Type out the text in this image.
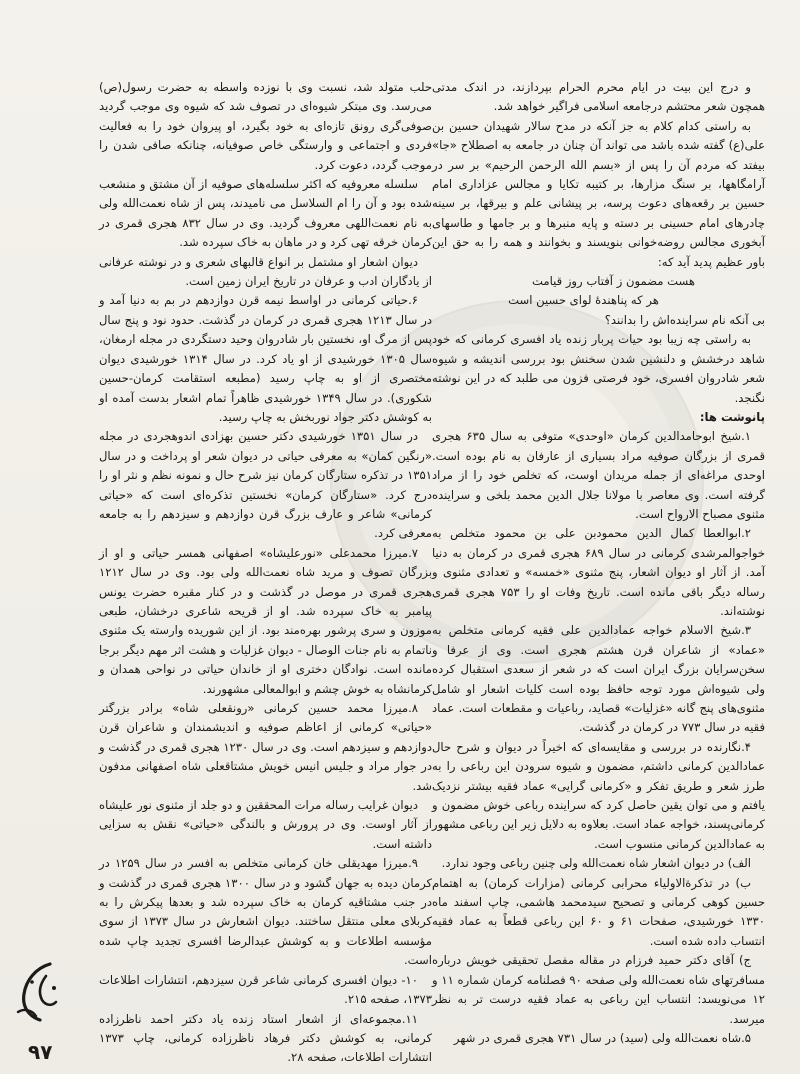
و درج این بیت در ایام محرم الحرام بپردازند، در اندک مدتی همچون شعر محتشم درجامعه اسلامی فراگیر خواهد شد.

به راستی کدام کلام به جز آنکه در مدح سالار شهیدان حسین بن علی(ع) گفته شده باشد می تواند آن چنان در جامعه به اصطلاح «جا» بیفتد که مردم آن را پس از «بسم الله الرحمن الرحیم» بر سر در آرامگاهها، بر سنگ مزارها، بر کتیبه تکایا و مجالس عزاداری امام حسین بر رقعه‌های دعوت پرسه، بر پیشانی علم و بیرقها، بر سینه چادرهای امام حسینی بر دسته و پایه منبرها و بر جامها و طاسهای آبخوری مجالس روضه‌خوانی بنویسند و بخوانند و همه را به حق این باور عظیم پدید آید که:

هست مضمون ز آفتاب روز قیامت
هر که پناهندهٔ لوای حسین است

بی آنکه نام سراینده‌اش را بدانند؟

به راستی چه زیبا بود حیات پربار زنده یاد افسری کرمانی که خود شاهد درخشش و دلنشین شدن سخنش بود بررسی اندیشه و شیوه شعر شادروان افسری، خود فرصتی فزون می طلبد که در این نوشته نگنجد.

پانوشت ها:

۱.شیخ ابوحامدالدین کرمان «اوحدی» متوفی به سال ۶۳۵ هجری قمری از بزرگان صوفیه مراد بسیاری از عارفان به نام بوده است. اوحدی مراغه‌ای از جمله مریدان اوست، که تخلص خود را از مراد گرفته است. وی معاصر با مولانا جلال الدین محمد بلخی و سراینده مثنوی مصباح الارواح است.

۲.ابوالعطا کمال الدین محمودبن علی بن محمود متخلص به خواجوالمرشدی کرمانی در سال ۶۸۹ هجری قمری در کرمان به دنیا آمد. از آثار او دیوان اشعار، پنج مثنوی «خمسه» و تعدادی مثنوی و رساله دیگر باقی مانده است. تاریخ وفات او را ۷۵۳ هجری قمری نوشته‌اند.

۳.شیخ الاسلام خواجه عمادالدین علی فقیه کرمانی متخلص به «عماد» از شاعران قرن هشتم هجری است. وی از عرفا و سخن‌سرایان بزرگ ایران است که در شعر از سعدی استقبال کرده ولی شیوه‌اش مورد توجه حافظ بوده است کلیات اشعار او شامل مثنوی‌های پنج گانه «غزلیات» قصاید، رباعیات و مقطعات است. عماد فقیه در سال ۷۷۳ در کرمان در گذشت.

۴.نگارنده در بررسی و مقایسه‌ای که اخیراً در دیوان و شرح حال عمادالدین کرمانی داشتم، مضمون و شیوه سرودن این رباعی را به طرز شعر و طریق تفکر و «کرمانی گرایی» عماد فقیه بیشتر نزدیک یافتم و می توان یقین حاصل کرد که سراینده رباعی خوش مضمون و کرمانی‌پسند، خواجه عماد است. بعلاوه به دلایل زیر این رباعی مشهور به عمادالدین کرمانی منسوب است.

الف) در دیوان اشعار شاه نعمت‌الله ولی چنین رباعی وجود ندارد.

ب) در تذکرةالاولیاء محرابی کرمانی (مزارات کرمان) به اهتمام حسین کوهی کرمانی و تصحیح سیدمحمد هاشمی، چاپ اسفند ماه ۱۳۳۰ خورشیدی، صفحات ۶۱ و ۶۰ این رباعی قطعاً به عماد فقیه انتساب داده شده است.

ج) آقای دکتر حمید فرزام در مقاله مفصل تحقیقی خویش درباره مسافرتهای شاه نعمت‌الله ولی صفحه ۹۰ فصلنامه کرمان شماره ۱۱ و ۱۲ می‌نویسد: انتساب این رباعی به عماد فقیه درست تر به نظر میرسد.

۵.شاه نعمت‌الله ولی (سید) در سال ۷۳۱ هجری قمری در شهر

حلب متولد شد، نسبت وی با نوزده واسطه به حضرت رسول(ص) می‌رسد. وی مبتکر شیوه‌ای در تصوف شد که شیوه وی موجب گردید صوفی‌گری رونق تازه‌ای به خود بگیرد، او پیروان خود را به فعالیت فردی و اجتماعی و وارستگی خاص صوفیانه، چنانکه صافی شدن را موجب گردد، دعوت کرد.

سلسله معروفیه که اکثر سلسله‌های صوفیه از آن مشتق و منشعب شده بود و آن را ام السلاسل می نامیدند، پس از شاه نعمت‌الله ولی به نام نعمت‌اللهی معروف گردید. وی در سال ۸۳۲ هجری قمری در کرمان خرقه تهی کرد و در ماهان به خاک سپرده شد.

دیوان اشعار او مشتمل بر انواع قالبهای شعری و در نوشته عرفانی از یادگاران ادب و عرفان در تاریخ ایران زمین است.

۶.حیاتی کرمانی در اواسط نیمه قرن دوازدهم در بم به دنیا آمد و در سال ۱۲۱۳ هجری قمری در کرمان در گذشت. حدود نود و پنج سال پس از مرگ او، نخستین بار شادروان وحید دستگردی در مجله ارمغان، سال ۱۳۰۵ خورشیدی از او یاد کرد. در سال ۱۳۱۴ خورشیدی دیوان مختصری از او به چاپ رسید (مطبعه استقامت کرمان-حسین شکوری). در سال ۱۳۴۹ خورشیدی ظاهراً تمام اشعار بدست آمده او به کوشش دکتر جواد نوربخش به چاپ رسید.

در سال ۱۳۵۱ خورشیدی دکتر حسین بهزادی اندوهجردی در مجله «رنگین کمان» به معرفی حیاتی در دیوان شعر او پرداخت و در سال ۱۳۵۱ در تذکره ستارگان کرمان نیز شرح حال و نمونه نظم و نثر او را درج کرد. «ستارگان کرمان» نخستین تذکره‌ای است که «حیاتی کرمانی» شاعر و عارف بزرگ قرن دوازدهم و سیزدهم را به جامعه معرفی کرد.

۷.میرزا محمدعلی «نورعلیشاه» اصفهانی همسر حیاتی و او از بزرگان تصوف و مرید شاه نعمت‌الله ولی بود. وی در سال ۱۲۱۲ هجری قمری در موصل در گذشت و در کنار مقبره حضرت یونس پیامبر به خاک سپرده شد. او از قریحه شاعری درخشان، طبعی موزون و سری پرشور بهره‌مند بود. از این شوریده وارسته یک مثنوی ناتمام به نام جنات الوصال - دیوان غزلیات و هشت اثر مهم دیگر برجا مانده است. نوادگان دختری او از خاندان حیاتی در نواحی همدان و کرمانشاه به خوش چشم و ابوالمعالی مشهورند.

۸.میرزا محمد حسین کرمانی «رونقعلی شاه» برادر بزرگتر «حیاتی» کرمانی از اعاظم صوفیه و اندیشمندان و شاعران قرن دوازدهم و سیزدهم است. وی در سال ۱۲۳۰ هجری قمری در گذشت و در جوار مراد و جلیس انیس خویش مشتاقعلی شاه اصفهانی مدفون شد.

دیوان غرایب رساله مرات المحققین و دو جلد از مثنوی نور علیشاه از آثار اوست. وی در پرورش و بالندگی «حیاتی» نقش به سزایی داشته است.

۹.میرزا مهدیقلی خان کرمانی متخلص به افسر در سال ۱۲۵۹ در کرمان دیده به جهان گشود و در سال ۱۳۰۰ هجری قمری در گذشت و در جنب مشتاقیه کرمان به خاک سپرده شد و بعدها پیکرش را به کربلای معلی منتقل ساختند. دیوان اشعارش در سال ۱۳۷۳ از سوی مؤسسه اطلاعات و به کوشش عبدالرضا افسری تجدید چاپ شده است.

۱۰- دیوان افسری کرمانی شاعر قرن سیزدهم، انتشارات اطلاعات ۱۳۷۳، صفحه ۲۱۵.

۱۱.مجموعه‌ای از اشعار استاد زنده یاد دکتر احمد ناظرزاده کرمانی، به کوشش دکتر فرهاد ناظرزاده کرمانی، چاپ ۱۳۷۳ انتشارات اطلاعات، صفحه ۲۸.

۹۷
